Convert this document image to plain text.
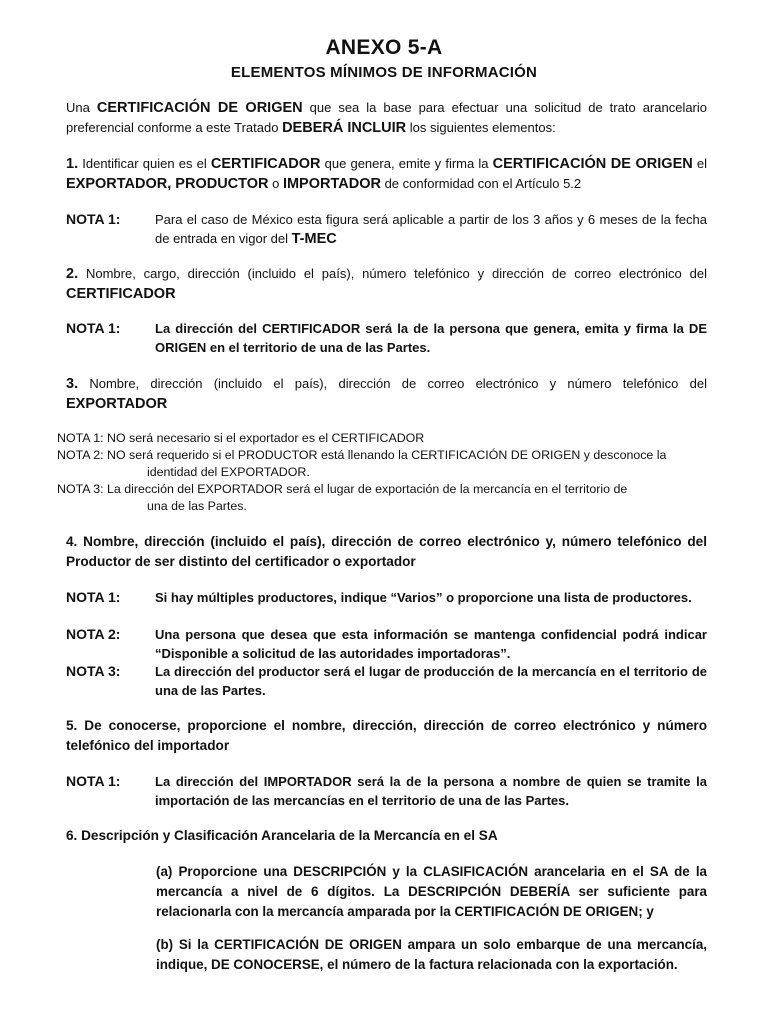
ANEXO 5-A
ELEMENTOS MÍNIMOS DE INFORMACIÓN
Una CERTIFICACIÓN DE ORIGEN que sea la base para efectuar una solicitud de trato arancelario preferencial conforme a este Tratado DEBERÁ INCLUIR los siguientes elementos:
1. Identificar quien es el CERTIFICADOR que genera, emite y firma la CERTIFICACIÓN DE ORIGEN el EXPORTADOR, PRODUCTOR o IMPORTADOR de conformidad con el Artículo 5.2
NOTA 1:	Para el caso de México esta figura será aplicable a partir de los 3 años y 6 meses de la fecha de entrada en vigor del T-MEC
2. Nombre, cargo, dirección (incluido el país), número telefónico y dirección de correo electrónico del CERTIFICADOR
NOTA 1:	La dirección del CERTIFICADOR será la de la persona que genera, emita y firma la DE ORIGEN en el territorio de una de las Partes.
3. Nombre, dirección (incluido el país), dirección de correo electrónico y número telefónico del EXPORTADOR
NOTA 1: NO será necesario si el exportador es el CERTIFICADOR
NOTA 2: NO será requerido si el PRODUCTOR está llenando la CERTIFICACIÓN DE ORIGEN y desconoce la
identidad del EXPORTADOR.
NOTA 3: La dirección del EXPORTADOR será el lugar de exportación de la mercancía en el territorio de
una de las Partes.
4. Nombre, dirección (incluido el país), dirección de correo electrónico y, número telefónico del Productor de ser distinto del certificador o exportador
NOTA 1:	Si hay múltiples productores, indique “Varios” o proporcione una lista de productores.
NOTA 2:	Una persona que desea que esta información se mantenga confidencial podrá indicar “Disponible a solicitud de las autoridades importadoras”.
NOTA 3:	La dirección del productor será el lugar de producción de la mercancía en el territorio de una de las Partes.
5. De conocerse, proporcione el nombre, dirección, dirección de correo electrónico y número telefónico del importador
NOTA 1:	La dirección del IMPORTADOR será la de la persona a nombre de quien se tramite la importación de las mercancías en el territorio de una de las Partes.
6. Descripción y Clasificación Arancelaria de la Mercancía en el SA
(a) Proporcione una DESCRIPCIÓN y la CLASIFICACIÓN arancelaria en el SA de la mercancía a nivel de 6 dígitos. La DESCRIPCIÓN DEBERÍA ser suficiente para relacionarla con la mercancía amparada por la CERTIFICACIÓN DE ORIGEN; y
(b) Si la CERTIFICACIÓN DE ORIGEN ampara un solo embarque de una mercancía, indique, DE CONOCERSE, el número de la factura relacionada con la exportación.
